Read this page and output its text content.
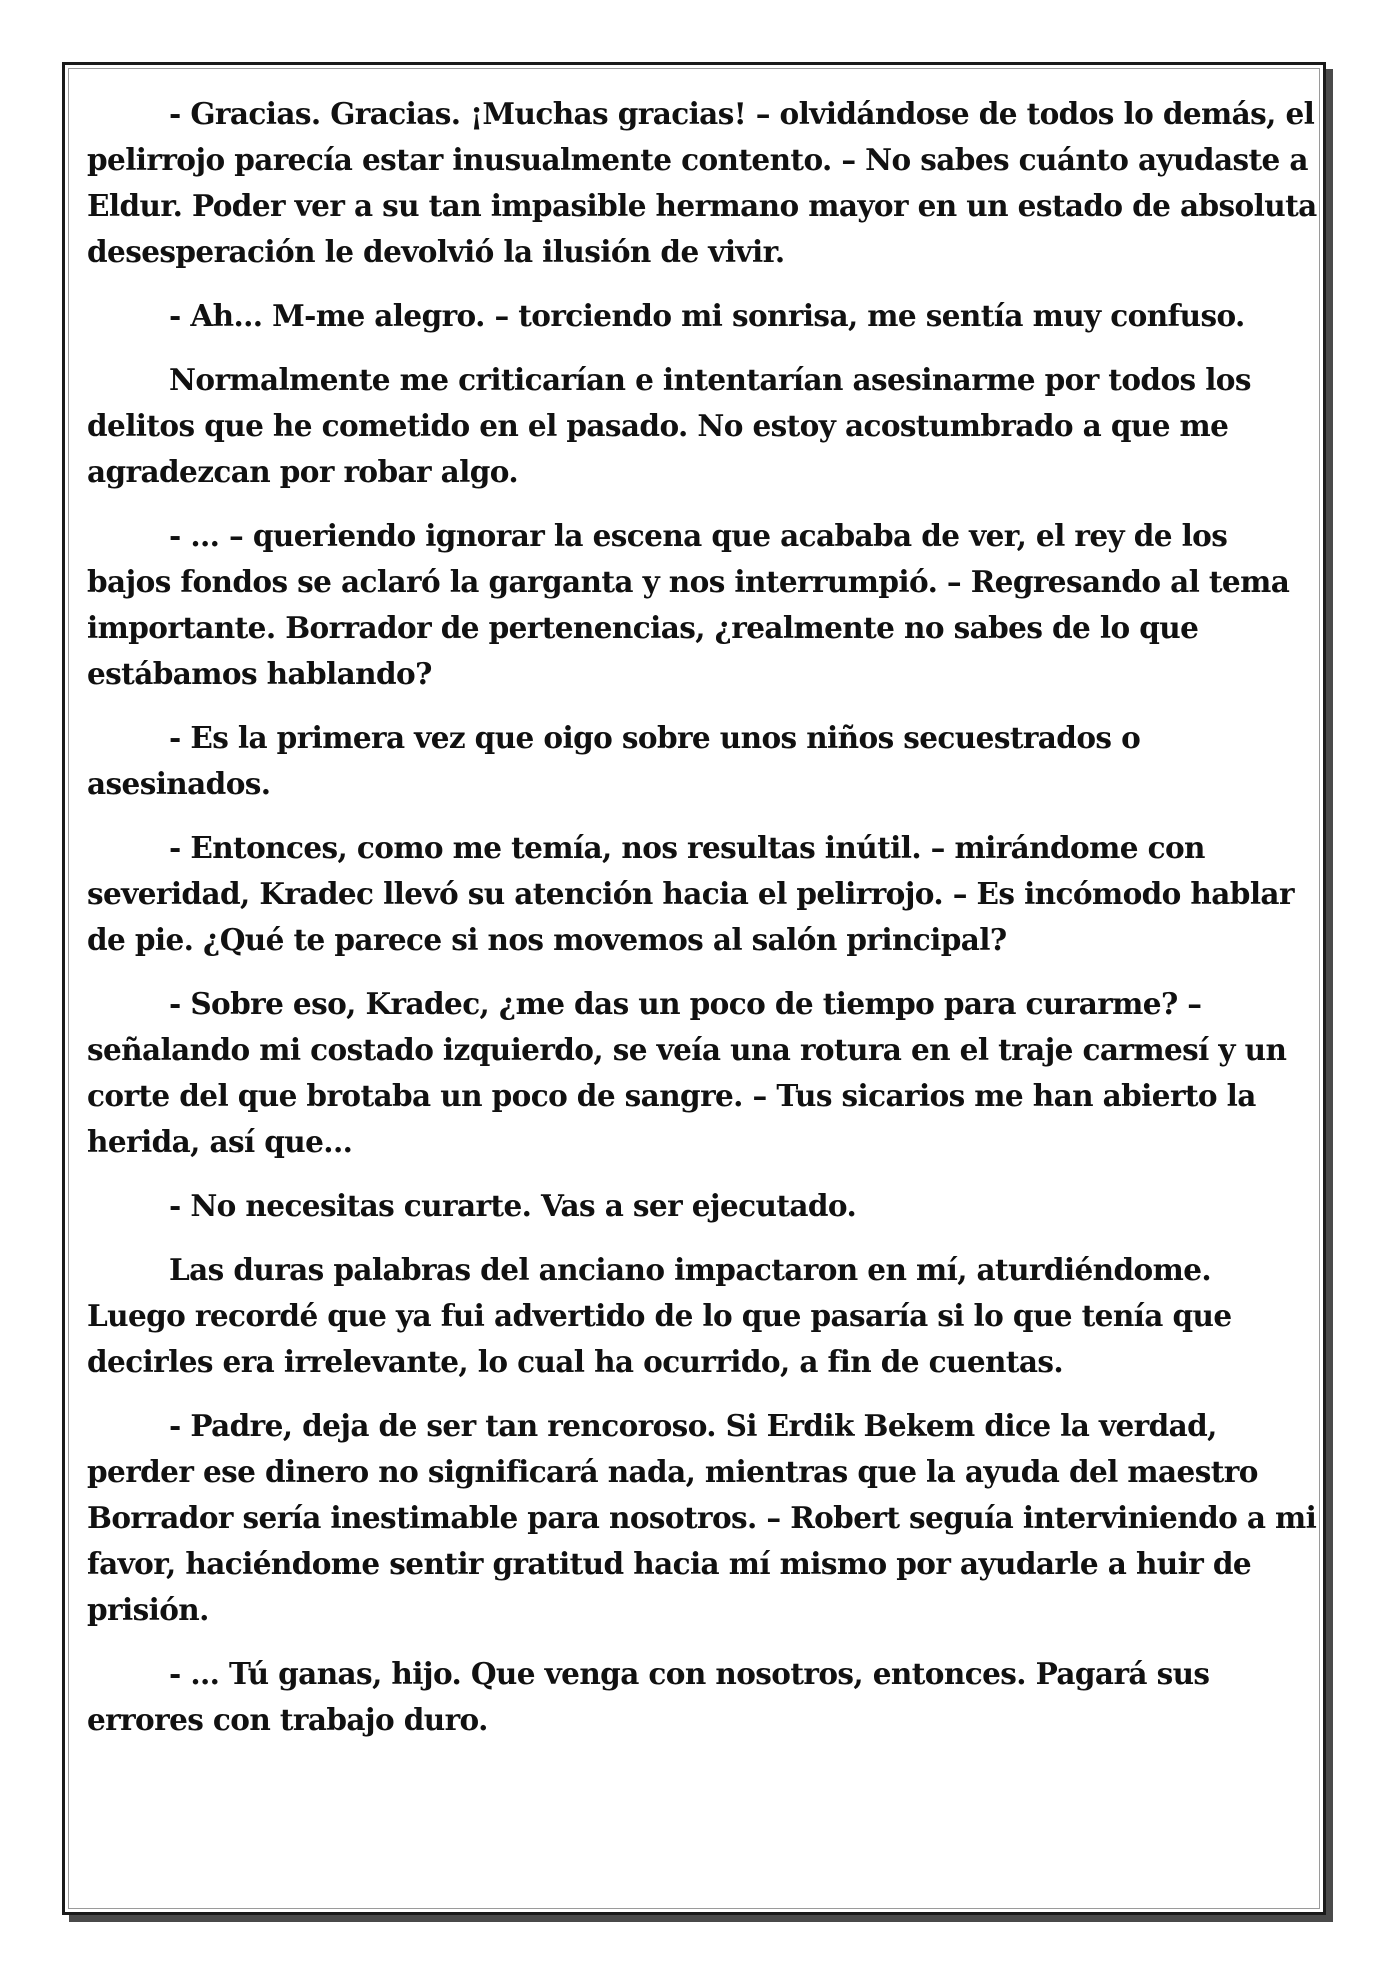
- Gracias. Gracias. ¡Muchas gracias! – olvidándose de todos lo demás, el pelirrojo parecía estar inusualmente contento. – No sabes cuánto ayudaste a Eldur. Poder ver a su tan impasible hermano mayor en un estado de absoluta desesperación le devolvió la ilusión de vivir.

- Ah... M-me alegro. – torciendo mi sonrisa, me sentía muy confuso.

Normalmente me criticarían e intentarían asesinarme por todos los delitos que he cometido en el pasado. No estoy acostumbrado a que me agradezcan por robar algo.

- ... – queriendo ignorar la escena que acababa de ver, el rey de los bajos fondos se aclaró la garganta y nos interrumpió. – Regresando al tema importante. Borrador de pertenencias, ¿realmente no sabes de lo que estábamos hablando?

- Es la primera vez que oigo sobre unos niños secuestrados o asesinados.

- Entonces, como me temía, nos resultas inútil. – mirándome con severidad, Kradec llevó su atención hacia el pelirrojo. – Es incómodo hablar de pie. ¿Qué te parece si nos movemos al salón principal?

- Sobre eso, Kradec, ¿me das un poco de tiempo para curarme? – señalando mi costado izquierdo, se veía una rotura en el traje carmesí y un corte del que brotaba un poco de sangre. – Tus sicarios me han abierto la herida, así que...

- No necesitas curarte. Vas a ser ejecutado.

Las duras palabras del anciano impactaron en mí, aturdiéndome. Luego recordé que ya fui advertido de lo que pasaría si lo que tenía que decirles era irrelevante, lo cual ha ocurrido, a fin de cuentas.

- Padre, deja de ser tan rencoroso. Si Erdik Bekem dice la verdad, perder ese dinero no significará nada, mientras que la ayuda del maestro Borrador sería inestimable para nosotros. – Robert seguía interviniendo a mi favor, haciéndome sentir gratitud hacia mí mismo por ayudarle a huir de prisión.

- ... Tú ganas, hijo. Que venga con nosotros, entonces. Pagará sus errores con trabajo duro.
